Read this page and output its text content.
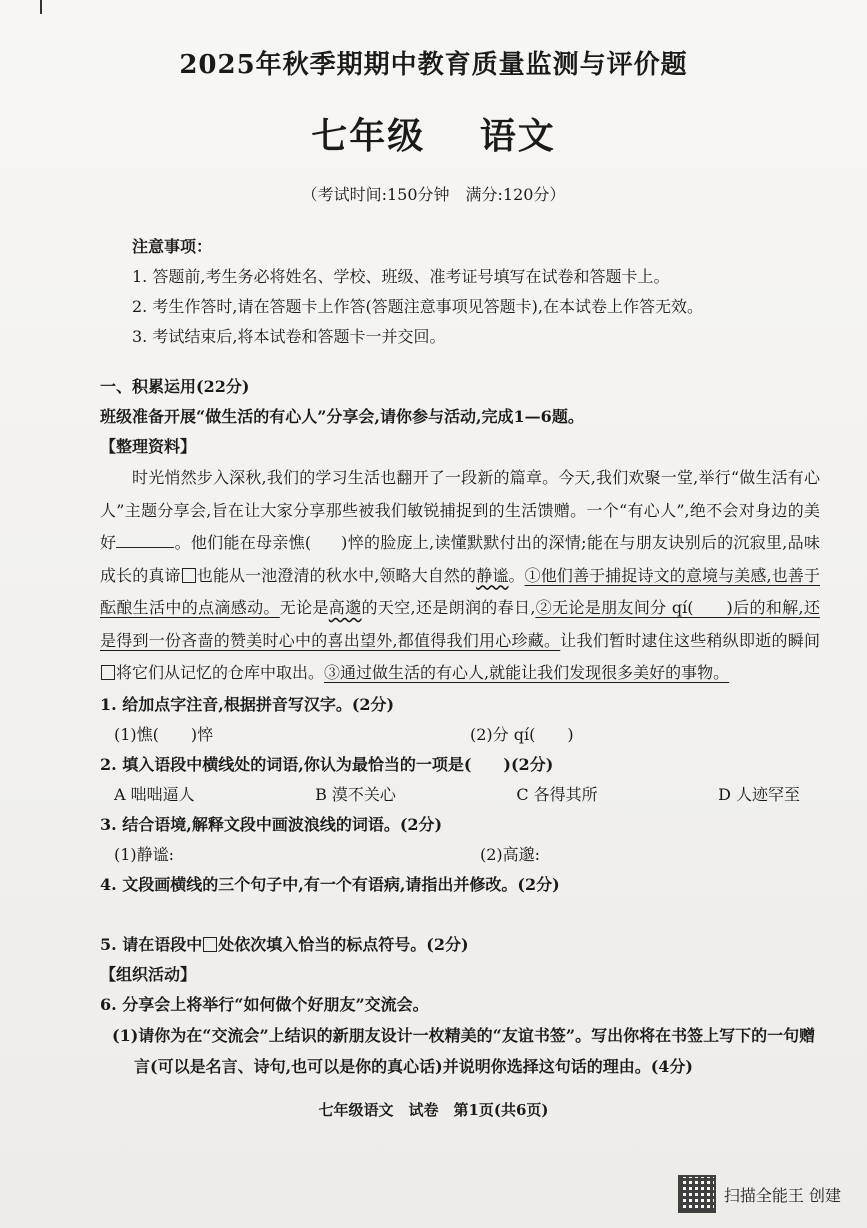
2025年秋季期期中教育质量监测与评价题
七年级 语文
（考试时间:150分钟　满分:120分）
注意事项：
1. 答题前,考生务必将姓名、学校、班级、准考证号填写在试卷和答题卡上。
2. 考生作答时,请在答题卡上作答(答题注意事项见答题卡),在本试卷上作答无效。
3. 考试结束后,将本试卷和答题卡一并交回。
一、积累运用(22分)
班级准备开展“做生活的有心人”分享会,请你参与活动,完成1—6题。
【整理资料】
时光悄然步入深秋,我们的学习生活也翻开了一段新的篇章。今天,我们欢聚一堂,举行“做生活有心人”主题分享会,旨在让大家分享那些被我们敏锐捕捉到的生活馈赠。一个“有心人”,绝不会对身边的美好	。他们能在母亲憔( )悴的脸庞上,读懂默默付出的深情;能在与朋友诀别后的沉寂里,品味成长的真谛 也能从一池澄清的秋水中,领略大自然的静谧。①他们善于捕捉诗文的意境与美感,也善于酝酿生活中的点滴感动。无论是高邈的天空,还是朗润的春日,②无论是朋友间分 qí(　　)后的和解,还是得到一份吝啬的赞美时心中的喜出望外,都值得我们用心珍藏。让我们暂时逮住这些稍纵即逝的瞬间将它们从记忆的仓库中取出。③通过做生活的有心人,就能让我们发现很多美好的事物。
1. 给加点字注音,根据拼音写汉字。(2分)
(1)憔(　　)悴	(2)分 qí(　　)
2. 填入语段中横线处的词语,你认为最恰当的一项是(　　)(2分)
A 咄咄逼人	B 漠不关心	C 各得其所	D 人迹罕至
3. 结合语境,解释文段中画波浪线的词语。(2分)
(1)静谧:	(2)高邈:
4. 文段画横线的三个句子中,有一个有语病,请指出并修改。(2分)
5. 请在语段中 处依次填入恰当的标点符号。(2分)
【组织活动】
6. 分享会上将举行“如何做个好朋友”交流会。
(1)请你为在“交流会”上结识的新朋友设计一枚精美的“友谊书签”。写出你将在书签上写下的一句赠言(可以是名言、诗句,也可以是你的真心话)并说明你选择这句话的理由。(4分)
七年级语文　试卷　第1页(共6页)
扫描全能王 创建
